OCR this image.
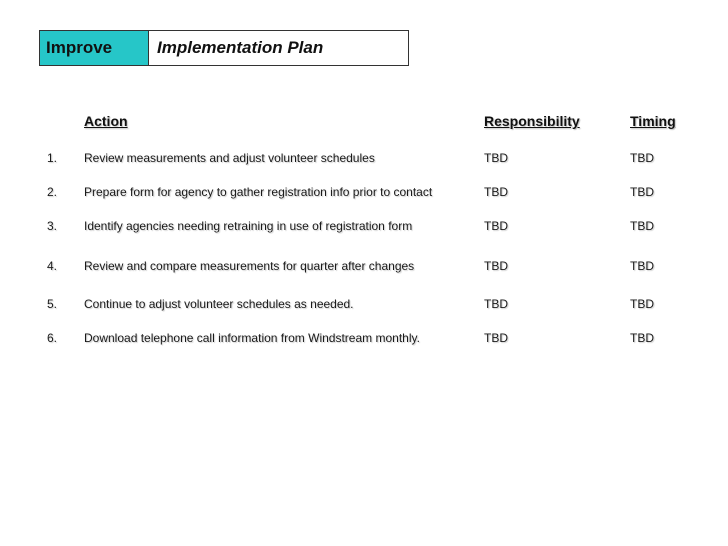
Improve	Implementation Plan
Action	Responsibility	Timing
1. Review measurements and adjust volunteer schedules	TBD	TBD
2. Prepare form for agency to gather registration info prior to contact	TBD	TBD
3. Identify agencies needing retraining in use of registration form	TBD	TBD
4. Review and compare measurements for quarter after changes	TBD	TBD
5. Continue to adjust volunteer schedules as needed.	TBD	TBD
6. Download telephone call information from Windstream monthly.	TBD	TBD
